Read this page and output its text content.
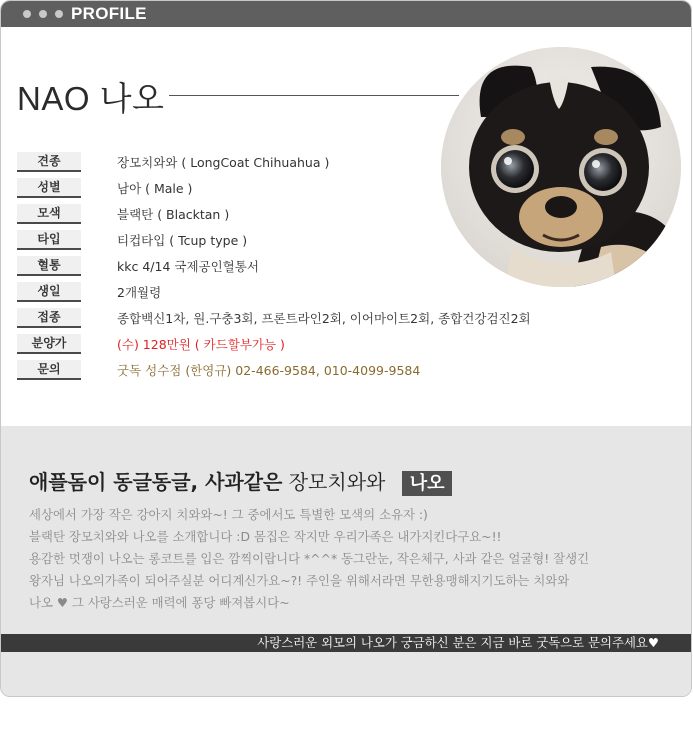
PROFILE
NAO 나오
견종	장모치와와 ( LongCoat Chihuahua )
성별	남아 ( Male )
모색	블랙탄 ( Blacktan )
타입	티컵타입 ( Tcup type )
혈통	kkc 4/14 국제공인혈통서
생일	2개월령
접종	종합백신1차, 원.구충3회, 프론트라인2회, 이어마이트2회, 종합건강검진2회
분양가	(수) 128만원 ( 카드할부가능 )
문의	굿독 성수점 (한영규) 02-466-9584, 010-4099-9584
애플돔이 동글동글, 사과같은 장모치와와 나오
세상에서 가장 작은 강아지 치와와~! 그 중에서도 특별한 모색의 소유자 :)
블랙탄 장모치와와 나오를 소개합니다 :D 몸집은 작지만 우리가족은 내가지킨다구요~!!
용감한 멋쟁이 나오는 롱코트를 입은 깜찍이랍니다 *^^* 동그란눈, 작은체구, 사과 같은 얼굴형! 잘생긴
왕자님 나오의가족이 되어주실분 어디계신가요~?! 주인을 위해서라면 무한용맹해지기도하는 치와와
나오 ♥ 그 사랑스러운 매력에 퐁당 빠져봅시다~
사랑스러운 외모의 나오가 궁금하신 분은 지금 바로 굿독으로 문의주세요♥
